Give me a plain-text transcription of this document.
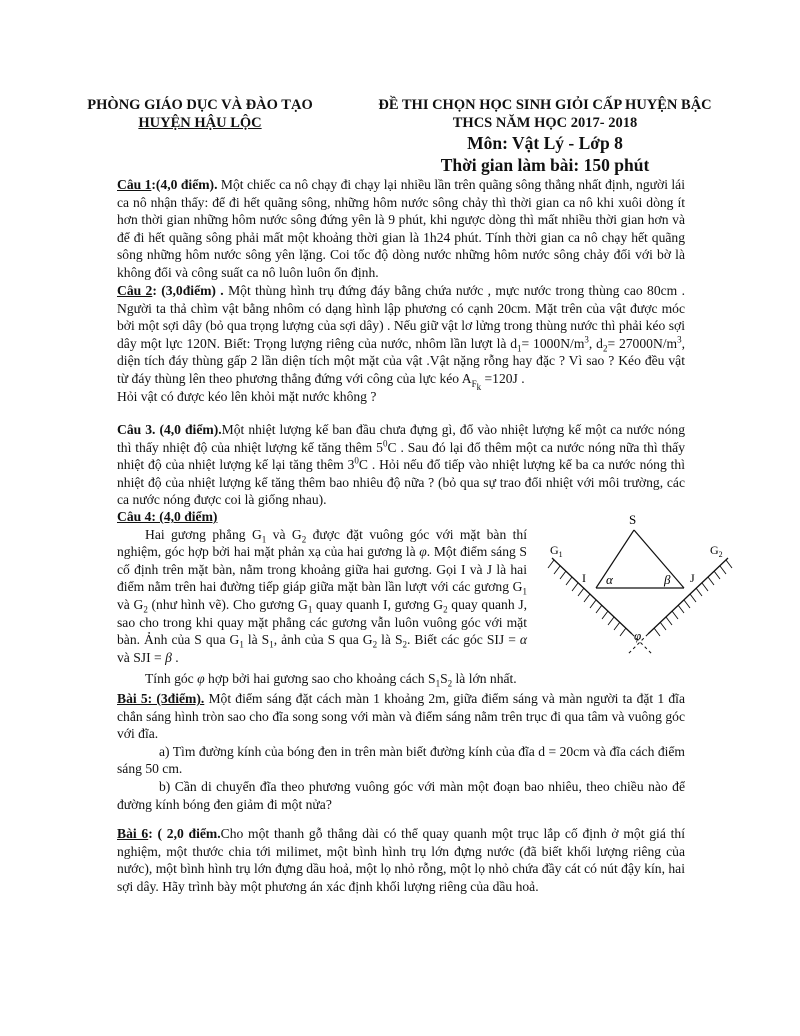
PHÒNG GIÁO DỤC VÀ ĐÀO TẠO
HUYỆN HẬU LỘC
ĐỀ THI CHỌN HỌC SINH GIỎI CẤP HUYỆN BẬC
THCS NĂM HỌC 2017- 2018
Môn: Vật Lý - Lớp 8
Thời gian làm bài: 150 phút

Câu 1:(4,0 điểm). Một chiếc ca nô chạy đi chạy lại nhiều lần trên quãng sông thẳng nhất định, người lái ca nô nhận thấy: để đi hết quãng sông, những hôm nước sông chảy thì thời gian ca nô khi xuôi dòng ít hơn thời gian những hôm nước sông đứng yên là 9 phút, khi ngược dòng thì mất nhiều thời gian hơn và để đi hết quãng sông phải mất một khoảng thời gian là 1h24 phút. Tính thời gian ca nô chạy hết quãng sông những hôm nước sông yên lặng. Coi tốc độ dòng nước những hôm nước sông chảy đối với bờ là không đổi và công suất ca nô luôn luôn ổn định.

Câu 2: (3,0điểm) . Một thùng hình trụ đứng đáy bằng chứa nước , mực nước trong thùng cao 80cm . Người ta thả chìm vật bằng nhôm có dạng hình lập phương có cạnh 20cm. Mặt trên của vật được móc bởi một sợi dây (bỏ qua trọng lượng của sợi dây) . Nếu giữ vật lơ lửng trong thùng nước thì phải kéo sợi dây một lực 120N. Biết: Trọng lượng riêng của nước, nhôm lần lượt là $d_1= 1000N/m^3$, $d_2= 27000N/m^3$, diện tích đáy thùng gấp 2 lần diện tích một mặt của vật .Vật nặng rỗng hay đặc ? Vì sao ? Kéo đều vật từ đáy thùng lên theo phương thẳng đứng với công của lực kéo $A_{F_k} =120J$ .

Hỏi vật có được kéo lên khỏi mặt nước không ?

Câu 3. (4,0 điểm).Một nhiệt lượng kế ban đầu chưa đựng gì, đổ vào nhiệt lượng kế một ca nước nóng thì thấy nhiệt độ của nhiệt lượng kế tăng thêm $5^0C$ . Sau đó lại đổ thêm một ca nước nóng nữa thì thấy nhiệt độ của nhiệt lượng kế lại tăng thêm $3^0C$ . Hỏi nếu đổ tiếp vào nhiệt lượng kế ba ca nước nóng thì nhiệt độ của nhiệt lượng kế tăng thêm bao nhiêu độ nữa ? (bỏ qua sự trao đổi nhiệt với môi trường, các ca nước nóng được coi là giống nhau).

Câu 4: (4,0 điểm)

Hai gương phẳng $G_1$ và $G_2$ được đặt vuông góc với mặt bàn thí nghiệm, góc hợp bởi hai mặt phản xạ của hai gương là φ. Một điểm sáng S cố định trên mặt bàn, nằm trong khoảng giữa hai gương. Gọi I và J là hai điểm nằm trên hai đường tiếp giáp giữa mặt bàn lần lượt với các gương $G_1$ và $G_2$ (như hình vẽ). Cho gương $G_1$ quay quanh I, gương $G_2$ quay quanh J, sao cho trong khi quay mặt phẳng các gương vẫn luôn vuông góc với mặt bàn. Ảnh của S qua $G_1$ là $S_1$, ảnh của S qua $G_2$ là $S_2$. Biết các góc SIJ = α và SJI = β .

Tính góc φ hợp bởi hai gương sao cho khoảng cách $S_1S_2$ là lớn nhất.

S
$G_1$	$G_2$
I	J
α	β
φ

Bài 5: (3điểm). Một điểm sáng đặt cách màn 1 khoảng 2m, giữa điểm sáng và màn người ta đặt 1 đĩa chắn sáng hình tròn sao cho đĩa song song với màn và điểm sáng nằm trên trục đi qua tâm và vuông góc với đĩa.

a) Tìm đường kính của bóng đen in trên màn biết đường kính của đĩa d = 20cm và đĩa cách điểm sáng 50 cm.

b) Cần di chuyển đĩa theo phương vuông góc với màn một đoạn bao nhiêu, theo chiều nào để đường kính bóng đen giảm đi một nửa?

Bài 6: ( 2,0 điểm.Cho một thanh gỗ thẳng dài có thể quay quanh một trục lắp cố định ở một giá thí nghiệm, một thước chia tới milimet, một bình hình trụ lớn đựng nước (đã biết khối lượng riêng của nước), một bình hình trụ lớn đựng dầu hoả, một lọ nhỏ rỗng, một lọ nhỏ chứa đầy cát có nút đậy kín, hai sợi dây. Hãy trình bày một phương án xác định khối lượng riêng của dầu hoả.
